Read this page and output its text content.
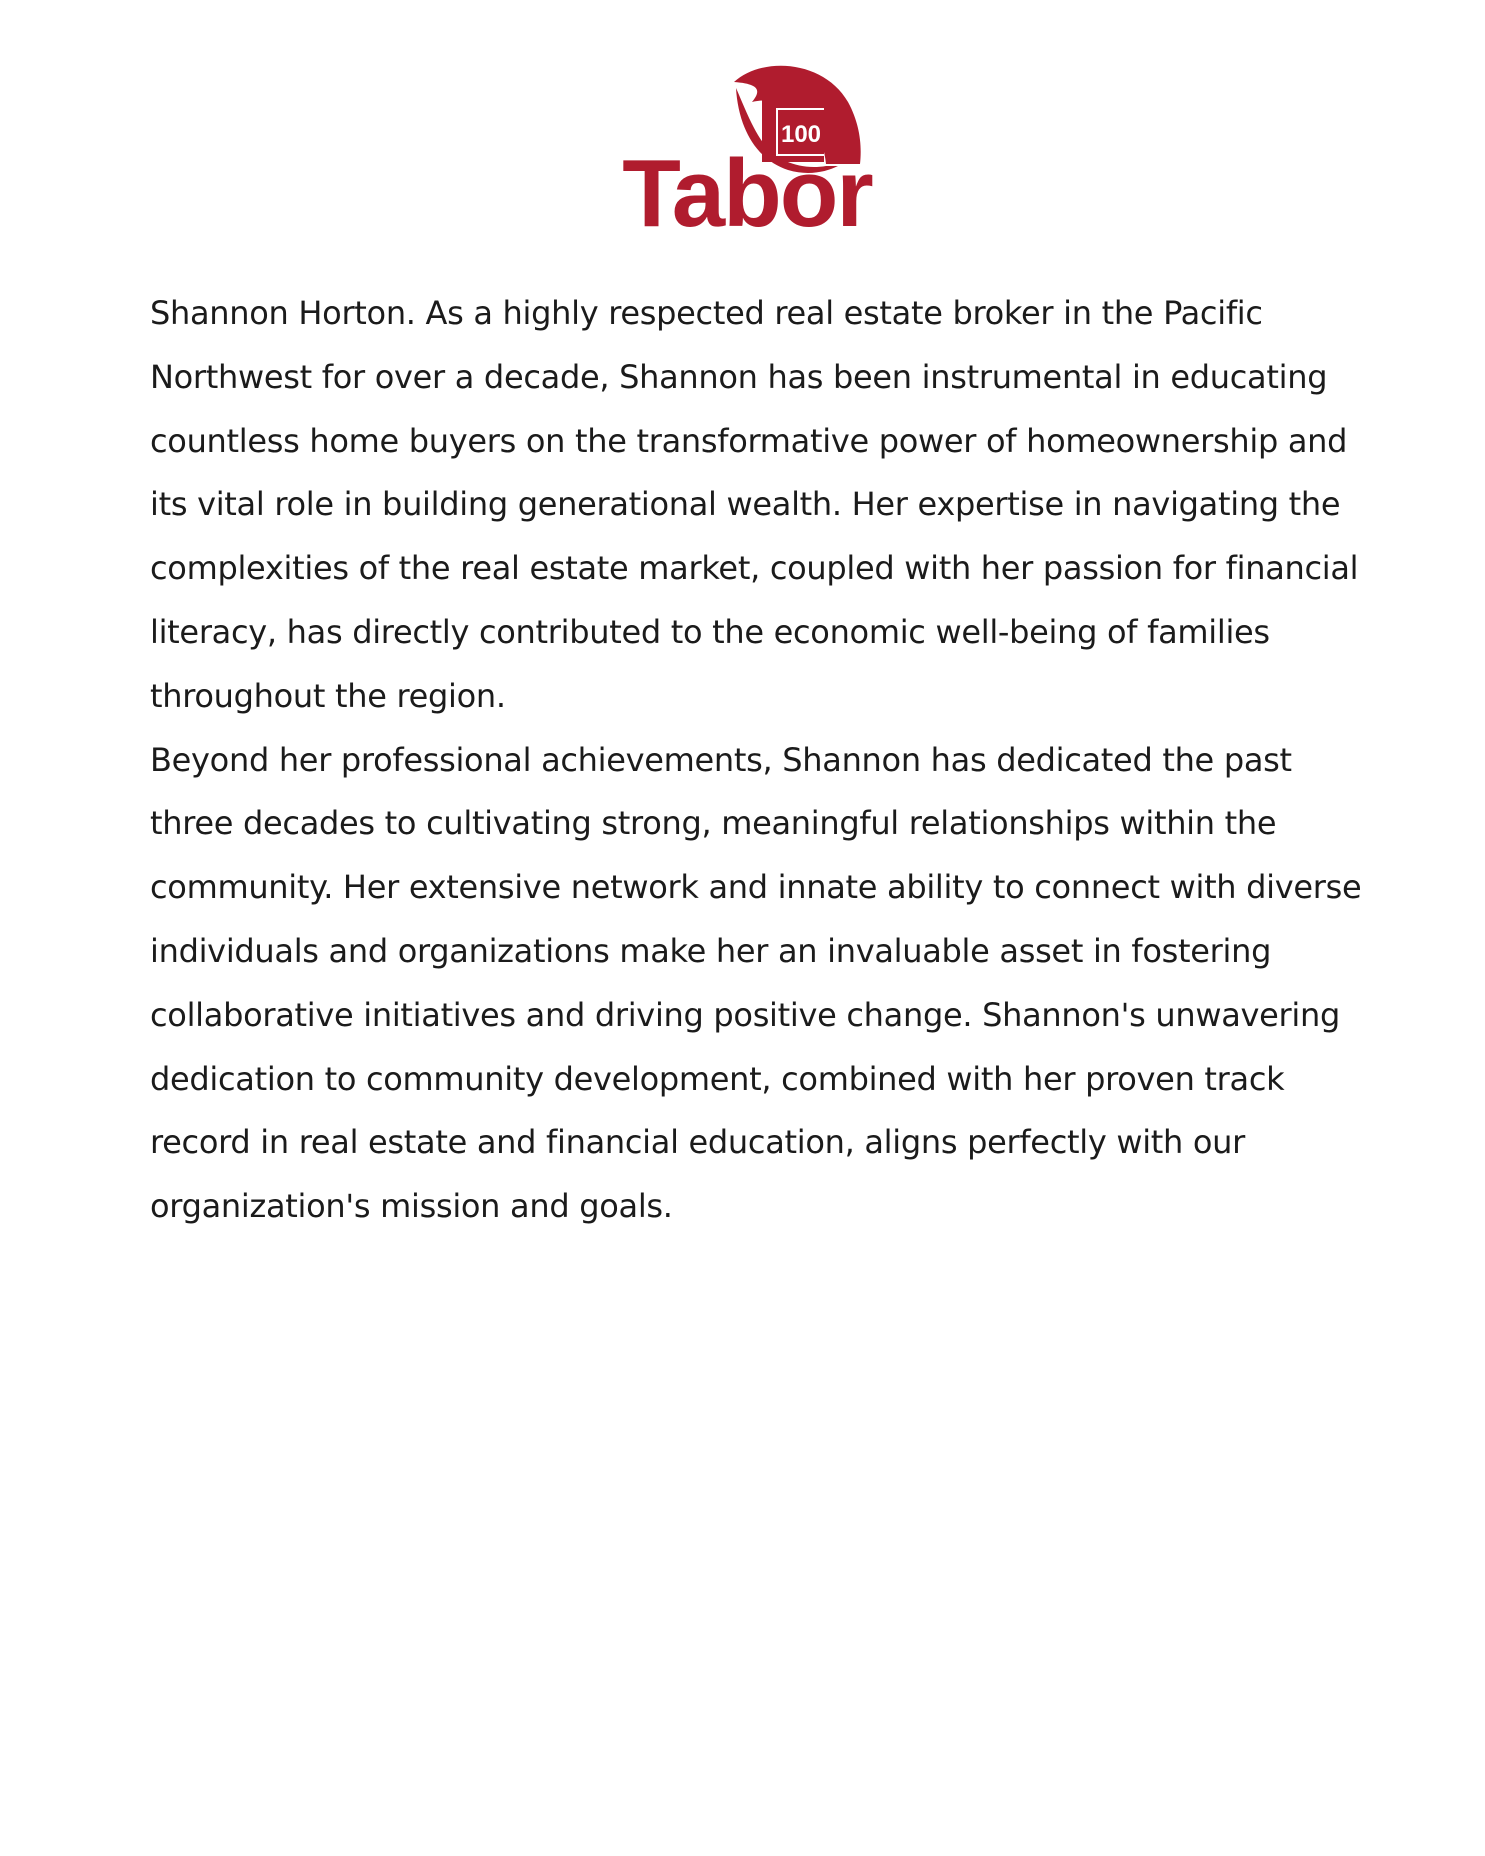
100
Tabor

Shannon Horton. As a highly respected real estate broker in the Pacific Northwest for over a decade, Shannon has been instrumental in educating countless home buyers on the transformative power of homeownership and its vital role in building generational wealth. Her expertise in navigating the complexities of the real estate market, coupled with her passion for financial literacy, has directly contributed to the economic well-being of families throughout the region.

Beyond her professional achievements, Shannon has dedicated the past three decades to cultivating strong, meaningful relationships within the community. Her extensive network and innate ability to connect with diverse individuals and organizations make her an invaluable asset in fostering collaborative initiatives and driving positive change. Shannon's unwavering dedication to community development, combined with her proven track record in real estate and financial education, aligns perfectly with our organization's mission and goals.
